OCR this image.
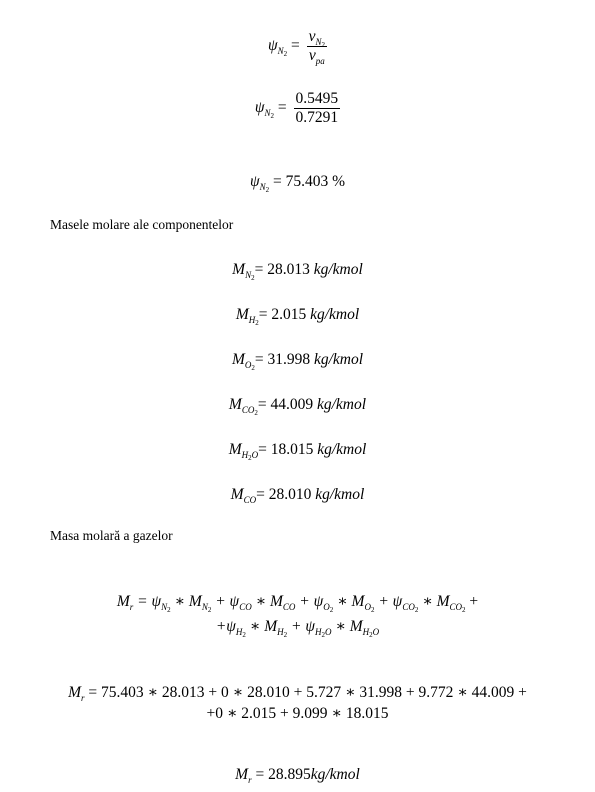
$\psi_{N_2} = \frac{\nu_{N_2}}{\nu_{pa}}$
$\psi_{N_2} = \frac{0.5495}{0.7291}$
$\psi_{N_2} = 75.403$ %
Masele molare ale componentelor
$M_{N_2}= 28.013$ kg/kmol
$M_{H_2}= 2.015$ kg/kmol
$M_{O_2}= 31.998$ kg/kmol
$M_{CO_2}= 44.009$ kg/kmol
$M_{H_2O}= 18.015$ kg/kmol
$M_{CO}= 28.010$ kg/kmol
Masa molară a gazelor
$M_r = \psi_{N_2}$ ∗ $M_{N_2} + \psi_{CO}$ ∗ $M_{CO} + \psi_{O_2}$ ∗ $M_{O_2} + \psi_{CO_2}$ ∗ $M_{CO_2}$ +
$+\psi_{H_2}$ ∗ $M_{H_2} + \psi_{H_2O}$ ∗ $M_{H_2O}$
$M_r = 75.403$ ∗ 28.013 + 0 ∗ 28.010 + 5.727 ∗ 31.998 + 9.772 ∗ 44.009 +
+0 ∗ 2.015 + 9.099 ∗ 18.015
$M_r$ = 28.895kg/kmol
